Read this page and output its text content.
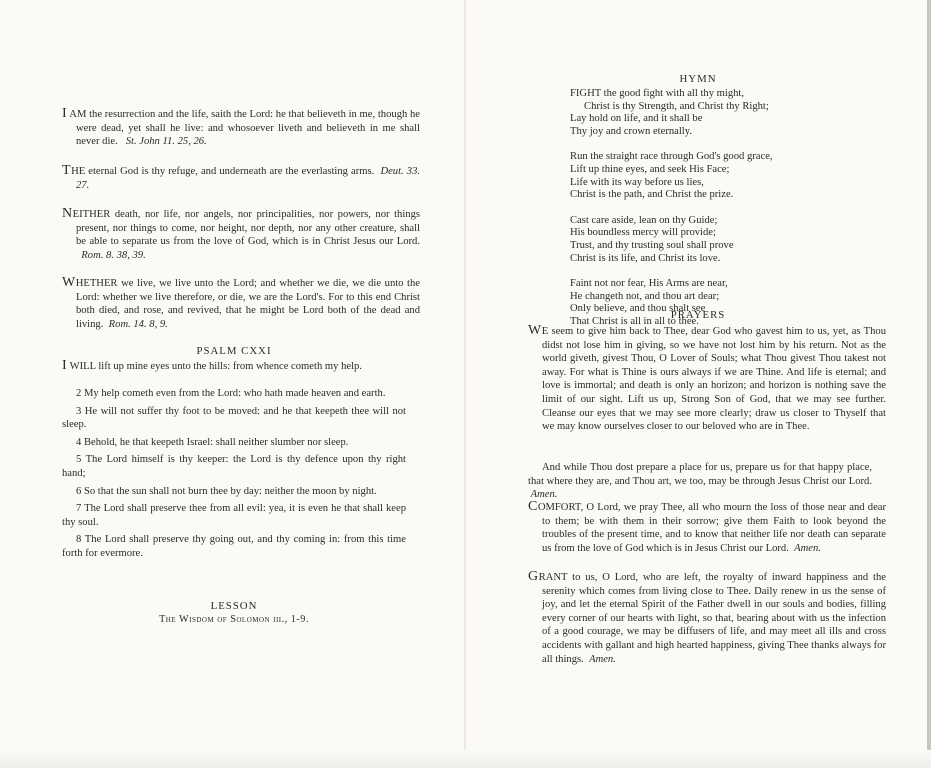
I AM the resurrection and the life, saith the Lord: he that believeth in me, though he were dead, yet shall he live: and whosoever liveth and believeth in me shall never die. St. John 11. 25, 26.

THE eternal God is thy refuge, and underneath are the everlasting arms. Deut. 33. 27.

NEITHER death, nor life, nor angels, nor principalities, nor powers, nor things present, nor things to come, nor height, nor depth, nor any other creature, shall be able to separate us from the love of God, which is in Christ Jesus our Lord.   Rom. 8. 38, 39.

WHETHER we live, we live unto the Lord; and whether we die, we die unto the Lord: whether we live therefore, or die, we are the Lord's. For to this end Christ both died, and rose, and revived, that he might be Lord both of the dead and living. Rom. 14. 8, 9.

PSALM CXXI

I WILL lift up mine eyes unto the hills: from whence cometh my help.

2 My help cometh even from the Lord: who hath made heaven and earth.

3 He will not suffer thy foot to be moved: and he that keepeth thee will not sleep.

4 Behold, he that keepeth Israel: shall neither slumber nor sleep.

5 The Lord himself is thy keeper: the Lord is thy defence upon thy right hand;

6 So that the sun shall not burn thee by day: neither the moon by night.

7 The Lord shall preserve thee from all evil: yea, it is even he that shall keep thy soul.

8 The Lord shall preserve thy going out, and thy coming in: from this time forth for evermore.

LESSON
The Wisdom of Solomon iii., 1-9.
HYMN
FIGHT the good fight with all thy might,
Christ is thy Strength, and Christ thy Right;
Lay hold on life, and it shall be
Thy joy and crown eternally.
Run the straight race through God's good grace,
Lift up thine eyes, and seek His Face;
Life with its way before us lies,
Christ is the path, and Christ the prize.
Cast care aside, lean on thy Guide;
His boundless mercy will provide;
Trust, and thy trusting soul shall prove
Christ is its life, and Christ its love.
Faint not nor fear, His Arms are near,
He changeth not, and thou art dear;
Only believe, and thou shalt see
That Christ is all in all to thee.
PRAYERS

WE seem to give him back to Thee, dear God who gavest him to us, yet, as Thou didst not lose him in giving, so we have not lost him by his return. Not as the world giveth, givest Thou, O Lover of Souls; what Thou givest Thou takest not away. For what is Thine is ours always if we are Thine. And life is eternal; and love is immortal; and death is only an horizon; and horizon is nothing save the limit of our sight. Lift us up, Strong Son of God, that we may see further. Cleanse our eyes that we may see more clearly; draw us closer to Thyself that we may know ourselves closer to our beloved who are in Thee.

And while Thou dost prepare a place for us, prepare us for that happy place, that where they are, and Thou art, we too, may be through Jesus Christ our Lord.  Amen.

COMFORT, O Lord, we pray Thee, all who mourn the loss of those near and dear to them; be with them in their sorrow; give them Faith to look beyond the troubles of the present time, and to know that neither life nor death can separate us from the love of God which is in Jesus Christ our Lord. Amen.

GRANT to us, O Lord, who are left, the royalty of inward happiness and the serenity which comes from living close to Thee. Daily renew in us the sense of joy, and let the eternal Spirit of the Father dwell in our souls and bodies, filling every corner of our hearts with light, so that, bearing about with us the infection of a good courage, we may be diffusers of life, and may meet all ills and cross accidents with gallant and high hearted happiness, giving Thee thanks always for all things. Amen.
